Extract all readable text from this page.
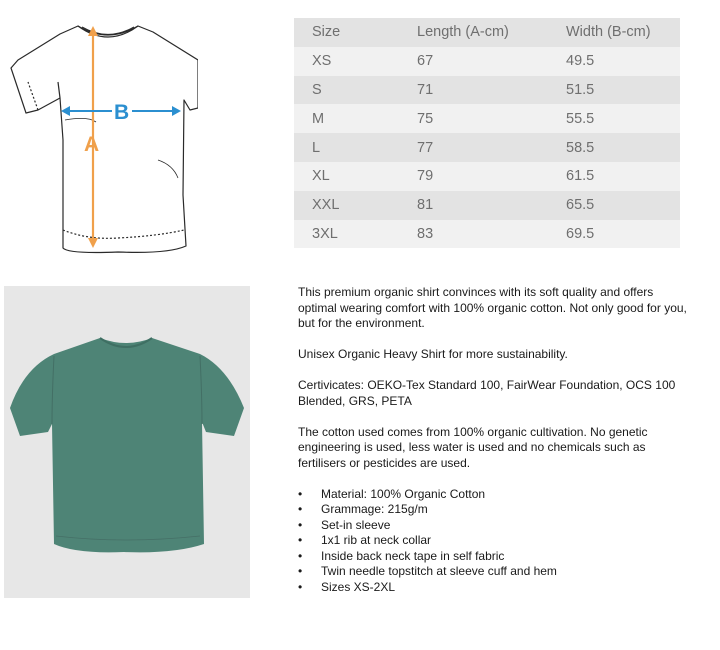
A
B
Size	Length (A-cm)	Width (B-cm)
XS	67	49.5
S	71	51.5
M	75	55.5
L	77	58.5
XL	79	61.5
XXL	81	65.5
3XL	83	69.5

This premium organic shirt convinces with its soft quality and offers optimal wearing comfort with 100% organic cotton. Not only good for you, but for the environment.

Unisex Organic Heavy Shirt for more sustainability.

Certivicates: OEKO-Tex Standard 100, FairWear Foundation, OCS 100 Blended, GRS, PETA

The cotton used comes from 100% organic cultivation. No genetic engineering is used, less water is used and no chemicals such as fertilisers or pesticides are used.

• Material: 100% Organic Cotton
• Grammage: 215g/m
• Set-in sleeve
• 1x1 rib at neck collar
• Inside back neck tape in self fabric
• Twin needle topstitch at sleeve cuff and hem
• Sizes XS-2XL
